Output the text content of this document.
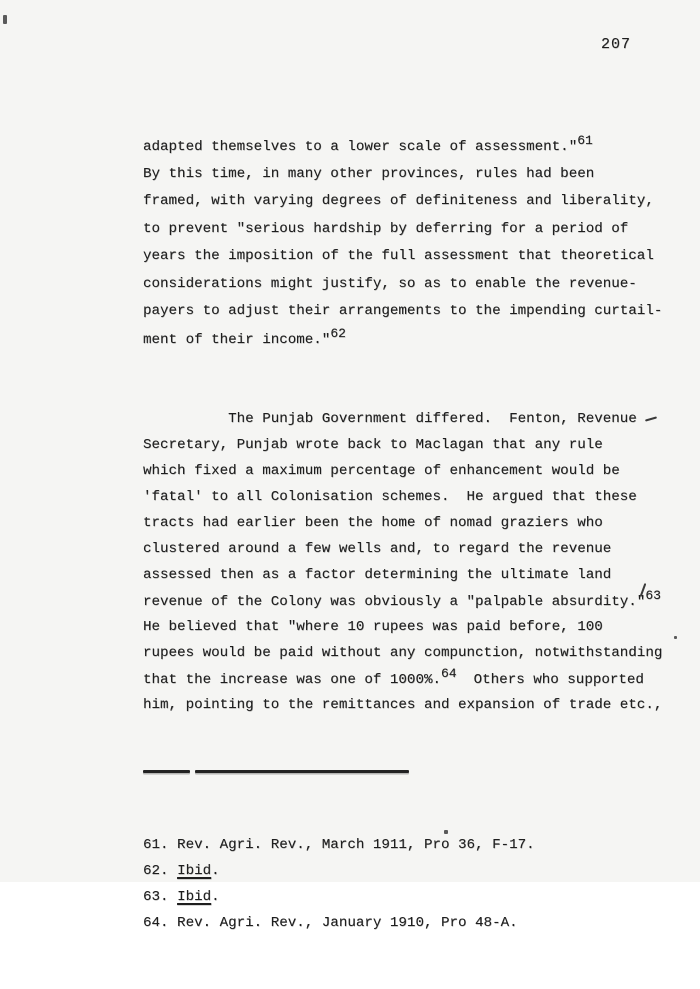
207

adapted themselves to a lower scale of assessment."61
By this time, in many other provinces, rules had been
framed, with varying degrees of definiteness and liberality,
to prevent "serious hardship by deferring for a period of
years the imposition of the full assessment that theoretical
considerations might justify, so as to enable the revenue-
payers to adjust their arrangements to the impending curtail-
ment of their income."62

The Punjab Government differed.  Fenton, Revenue
Secretary, Punjab wrote back to Maclagan that any rule
which fixed a maximum percentage of enhancement would be
'fatal' to all Colonisation schemes.  He argued that these
tracts had earlier been the home of nomad graziers who
clustered around a few wells and, to regard the revenue
assessed then as a factor determining the ultimate land
revenue of the Colony was obviously a "palpable absurdity."63
He believed that "where 10 rupees was paid before, 100
rupees would be paid without any compunction, notwithstanding
that the increase was one of 1000%.64  Others who supported
him, pointing to the remittances and expansion of trade etc.,

61. Rev. Agri. Rev., March 1911, Pro 36, F-17.
62. Ibid.
63. Ibid.
64. Rev. Agri. Rev., January 1910, Pro 48-A.
